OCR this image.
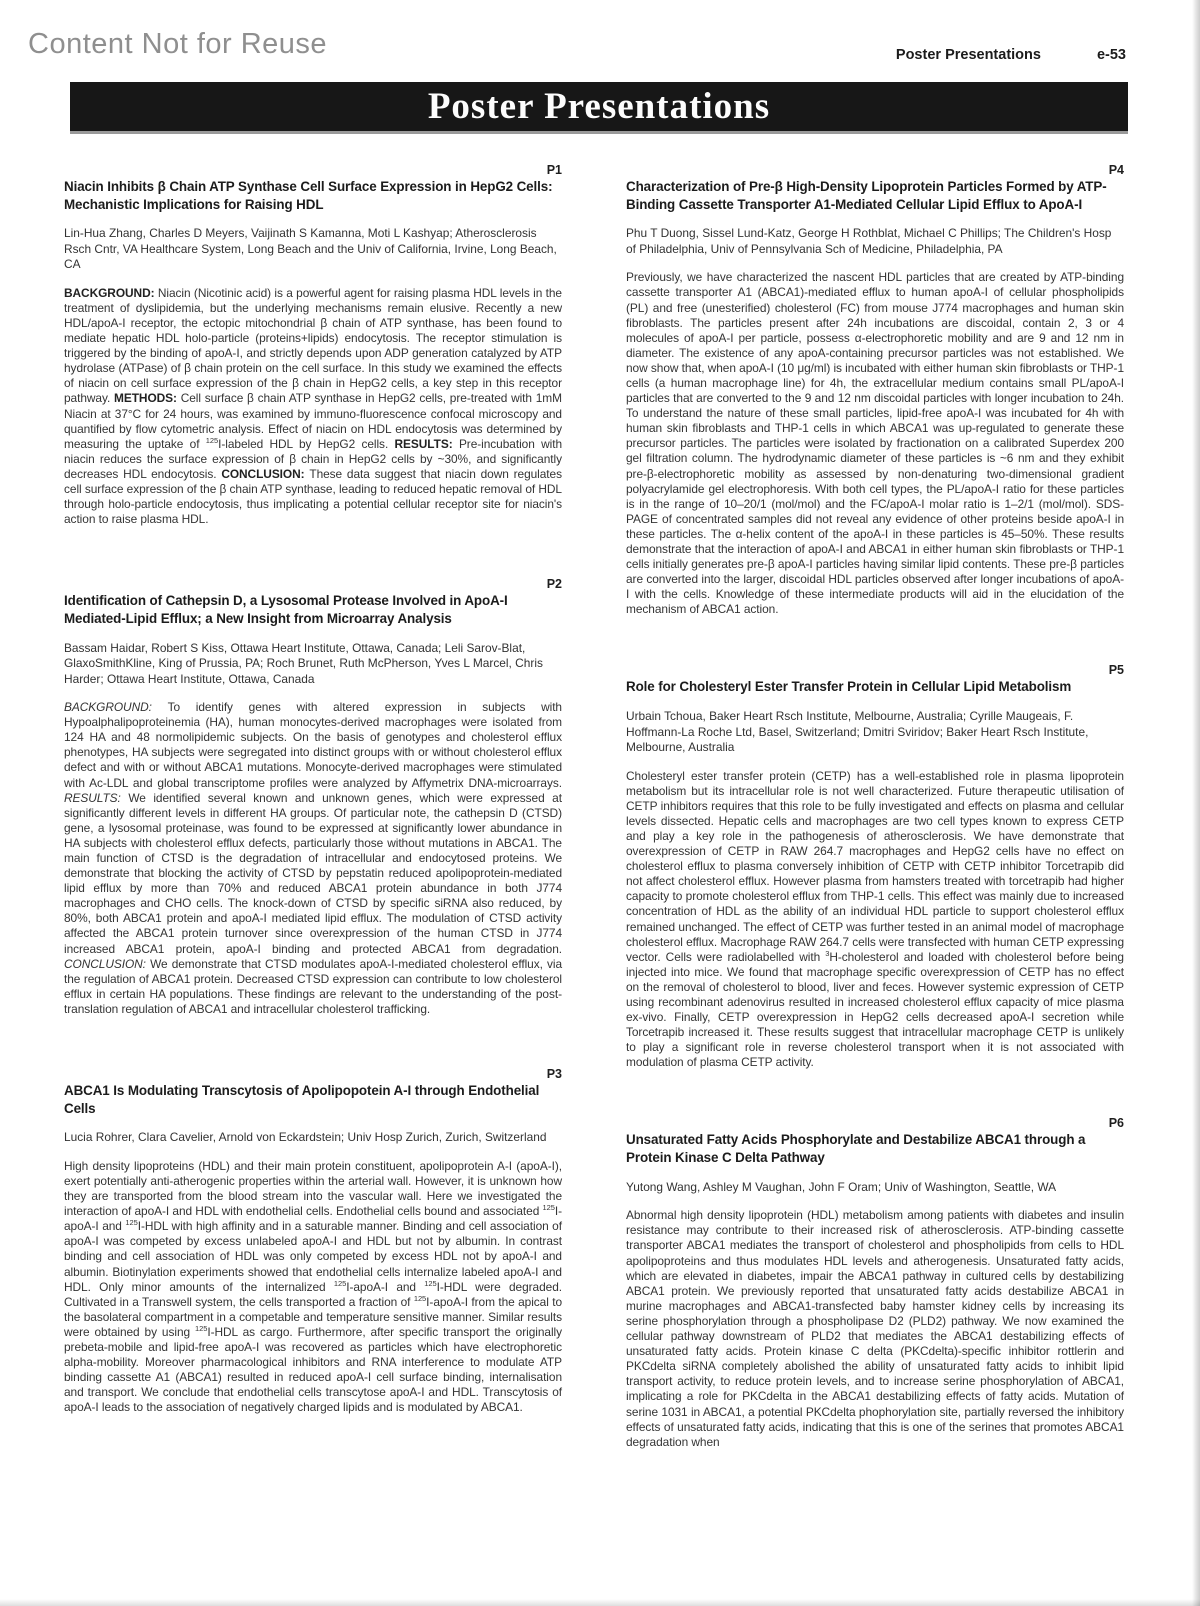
Content Not for Reuse	Poster Presentations	e-53
Poster Presentations
P1
Niacin Inhibits β Chain ATP Synthase Cell Surface Expression in HepG2 Cells: Mechanistic Implications for Raising HDL

Lin-Hua Zhang, Charles D Meyers, Vaijinath S Kamanna, Moti L Kashyap; Atherosclerosis Rsch Cntr, VA Healthcare System, Long Beach and the Univ of California, Irvine, Long Beach, CA

BACKGROUND: Niacin (Nicotinic acid) is a powerful agent for raising plasma HDL levels in the treatment of dyslipidemia, but the underlying mechanisms remain elusive. Recently a new HDL/apoA-I receptor, the ectopic mitochondrial β chain of ATP synthase, has been found to mediate hepatic HDL holo-particle (proteins+lipids) endocytosis. The receptor stimulation is triggered by the binding of apoA-I, and strictly depends upon ADP generation catalyzed by ATP hydrolase (ATPase) of β chain protein on the cell surface. In this study we examined the effects of niacin on cell surface expression of the β chain in HepG2 cells, a key step in this receptor pathway. METHODS: Cell surface β chain ATP synthase in HepG2 cells, pre-treated with 1mM Niacin at 37°C for 24 hours, was examined by immuno-fluorescence confocal microscopy and quantified by flow cytometric analysis. Effect of niacin on HDL endocytosis was determined by measuring the uptake of $^{125}$I-labeled HDL by HepG2 cells. RESULTS: Pre-incubation with niacin reduces the surface expression of β chain in HepG2 cells by ~30%, and significantly decreases HDL endocytosis. CONCLUSION: These data suggest that niacin down regulates cell surface expression of the β chain ATP synthase, leading to reduced hepatic removal of HDL through holo-particle endocytosis, thus implicating a potential cellular receptor site for niacin's action to raise plasma HDL.

P2
Identification of Cathepsin D, a Lysosomal Protease Involved in ApoA-I Mediated-Lipid Efflux; a New Insight from Microarray Analysis

Bassam Haidar, Robert S Kiss, Ottawa Heart Institute, Ottawa, Canada; Leli Sarov-Blat, GlaxoSmithKline, King of Prussia, PA; Roch Brunet, Ruth McPherson, Yves L Marcel, Chris Harder; Ottawa Heart Institute, Ottawa, Canada

BACKGROUND: To identify genes with altered expression in subjects with Hypoalphalipoproteinemia (HA), human monocytes-derived macrophages were isolated from 124 HA and 48 normolipidemic subjects. On the basis of genotypes and cholesterol efflux phenotypes, HA subjects were segregated into distinct groups with or without cholesterol efflux defect and with or without ABCA1 mutations. Monocyte-derived macrophages were stimulated with Ac-LDL and global transcriptome profiles were analyzed by Affymetrix DNA-microarrays. RESULTS: We identified several known and unknown genes, which were expressed at significantly different levels in different HA groups. Of particular note, the cathepsin D (CTSD) gene, a lysosomal proteinase, was found to be expressed at significantly lower abundance in HA subjects with cholesterol efflux defects, particularly those without mutations in ABCA1. The main function of CTSD is the degradation of intracellular and endocytosed proteins. We demonstrate that blocking the activity of CTSD by pepstatin reduced apolipoprotein-mediated lipid efflux by more than 70% and reduced ABCA1 protein abundance in both J774 macrophages and CHO cells. The knock-down of CTSD by specific siRNA also reduced, by 80%, both ABCA1 protein and apoA-I mediated lipid efflux. The modulation of CTSD activity affected the ABCA1 protein turnover since overexpression of the human CTSD in J774 increased ABCA1 protein, apoA-I binding and protected ABCA1 from degradation. CONCLUSION: We demonstrate that CTSD modulates apoA-I-mediated cholesterol efflux, via the regulation of ABCA1 protein. Decreased CTSD expression can contribute to low cholesterol efflux in certain HA populations. These findings are relevant to the understanding of the post-translation regulation of ABCA1 and intracellular cholesterol trafficking.

P3
ABCA1 Is Modulating Transcytosis of Apolipopotein A-I through Endothelial Cells

Lucia Rohrer, Clara Cavelier, Arnold von Eckardstein; Univ Hosp Zurich, Zurich, Switzerland

High density lipoproteins (HDL) and their main protein constituent, apolipoprotein A-I (apoA-I), exert potentially anti-atherogenic properties within the arterial wall. However, it is unknown how they are transported from the blood stream into the vascular wall. Here we investigated the interaction of apoA-I and HDL with endothelial cells. Endothelial cells bound and associated $^{125}$I-apoA-I and $^{125}$I-HDL with high affinity and in a saturable manner. Binding and cell association of apoA-I was competed by excess unlabeled apoA-I and HDL but not by albumin. In contrast binding and cell association of HDL was only competed by excess HDL not by apoA-I and albumin. Biotinylation experiments showed that endothelial cells internalize labeled apoA-I and HDL. Only minor amounts of the internalized $^{125}$I-apoA-I and $^{125}$I-HDL were degraded. Cultivated in a Transwell system, the cells transported a fraction of $^{125}$I-apoA-I from the apical to the basolateral compartment in a competable and temperature sensitive manner. Similar results were obtained by using $^{125}$I-HDL as cargo. Furthermore, after specific transport the originally prebeta-mobile and lipid-free apoA-I was recovered as particles which have electrophoretic alpha-mobility. Moreover pharmacological inhibitors and RNA interference to modulate ATP binding cassette A1 (ABCA1) resulted in reduced apoA-I cell surface binding, internalisation and transport. We conclude that endothelial cells transcytose apoA-I and HDL. Transcytosis of apoA-I leads to the association of negatively charged lipids and is modulated by ABCA1.

P4
Characterization of Pre-β High-Density Lipoprotein Particles Formed by ATP-Binding Cassette Transporter A1-Mediated Cellular Lipid Efflux to ApoA-I

Phu T Duong, Sissel Lund-Katz, George H Rothblat, Michael C Phillips; The Children's Hosp of Philadelphia, Univ of Pennsylvania Sch of Medicine, Philadelphia, PA

Previously, we have characterized the nascent HDL particles that are created by ATP-binding cassette transporter A1 (ABCA1)-mediated efflux to human apoA-I of cellular phospholipids (PL) and free (unesterified) cholesterol (FC) from mouse J774 macrophages and human skin fibroblasts. The particles present after 24h incubations are discoidal, contain 2, 3 or 4 molecules of apoA-I per particle, possess α-electrophoretic mobility and are 9 and 12 nm in diameter. The existence of any apoA-containing precursor particles was not established. We now show that, when apoA-I (10 μg/ml) is incubated with either human skin fibroblasts or THP-1 cells (a human macrophage line) for 4h, the extracellular medium contains small PL/apoA-I particles that are converted to the 9 and 12 nm discoidal particles with longer incubation to 24h. To understand the nature of these small particles, lipid-free apoA-I was incubated for 4h with human skin fibroblasts and THP-1 cells in which ABCA1 was up-regulated to generate these precursor particles. The particles were isolated by fractionation on a calibrated Superdex 200 gel filtration column. The hydrodynamic diameter of these particles is ~6 nm and they exhibit pre-β-electrophoretic mobility as assessed by non-denaturing two-dimensional gradient polyacrylamide gel electrophoresis. With both cell types, the PL/apoA-I ratio for these particles is in the range of 10–20/1 (mol/mol) and the FC/apoA-I molar ratio is 1–2/1 (mol/mol). SDS-PAGE of concentrated samples did not reveal any evidence of other proteins beside apoA-I in these particles. The α-helix content of the apoA-I in these particles is 45–50%. These results demonstrate that the interaction of apoA-I and ABCA1 in either human skin fibroblasts or THP-1 cells initially generates pre-β apoA-I particles having similar lipid contents. These pre-β particles are converted into the larger, discoidal HDL particles observed after longer incubations of apoA-I with the cells. Knowledge of these intermediate products will aid in the elucidation of the mechanism of ABCA1 action.

P5
Role for Cholesteryl Ester Transfer Protein in Cellular Lipid Metabolism

Urbain Tchoua, Baker Heart Rsch Institute, Melbourne, Australia; Cyrille Maugeais, F. Hoffmann-La Roche Ltd, Basel, Switzerland; Dmitri Sviridov; Baker Heart Rsch Institute, Melbourne, Australia

Cholesteryl ester transfer protein (CETP) has a well-established role in plasma lipoprotein metabolism but its intracellular role is not well characterized. Future therapeutic utilisation of CETP inhibitors requires that this role to be fully investigated and effects on plasma and cellular levels dissected. Hepatic cells and macrophages are two cell types known to express CETP and play a key role in the pathogenesis of atherosclerosis. We have demonstrate that overexpression of CETP in RAW 264.7 macrophages and HepG2 cells have no effect on cholesterol efflux to plasma conversely inhibition of CETP with CETP inhibitor Torcetrapib did not affect cholesterol efflux. However plasma from hamsters treated with torcetrapib had higher capacity to promote cholesterol efflux from THP-1 cells. This effect was mainly due to increased concentration of HDL as the ability of an individual HDL particle to support cholesterol efflux remained unchanged. The effect of CETP was further tested in an animal model of macrophage cholesterol efflux. Macrophage RAW 264.7 cells were transfected with human CETP expressing vector. Cells were radiolabelled with $^3$H-cholesterol and loaded with cholesterol before being injected into mice. We found that macrophage specific overexpression of CETP has no effect on the removal of cholesterol to blood, liver and feces. However systemic expression of CETP using recombinant adenovirus resulted in increased cholesterol efflux capacity of mice plasma ex-vivo. Finally, CETP overexpression in HepG2 cells decreased apoA-I secretion while Torcetrapib increased it. These results suggest that intracellular macrophage CETP is unlikely to play a significant role in reverse cholesterol transport when it is not associated with modulation of plasma CETP activity.

P6
Unsaturated Fatty Acids Phosphorylate and Destabilize ABCA1 through a Protein Kinase C Delta Pathway

Yutong Wang, Ashley M Vaughan, John F Oram; Univ of Washington, Seattle, WA

Abnormal high density lipoprotein (HDL) metabolism among patients with diabetes and insulin resistance may contribute to their increased risk of atherosclerosis. ATP-binding cassette transporter ABCA1 mediates the transport of cholesterol and phospholipids from cells to HDL apolipoproteins and thus modulates HDL levels and atherogenesis. Unsaturated fatty acids, which are elevated in diabetes, impair the ABCA1 pathway in cultured cells by destabilizing ABCA1 protein. We previously reported that unsaturated fatty acids destabilize ABCA1 in murine macrophages and ABCA1-transfected baby hamster kidney cells by increasing its serine phosphorylation through a phospholipase D2 (PLD2) pathway. We now examined the cellular pathway downstream of PLD2 that mediates the ABCA1 destabilizing effects of unsaturated fatty acids. Protein kinase C delta (PKCdelta)-specific inhibitor rottlerin and PKCdelta siRNA completely abolished the ability of unsaturated fatty acids to inhibit lipid transport activity, to reduce protein levels, and to increase serine phosphorylation of ABCA1, implicating a role for PKCdelta in the ABCA1 destabilizing effects of fatty acids. Mutation of serine 1031 in ABCA1, a potential PKCdelta phophorylation site, partially reversed the inhibitory effects of unsaturated fatty acids, indicating that this is one of the serines that promotes ABCA1 degradation when
